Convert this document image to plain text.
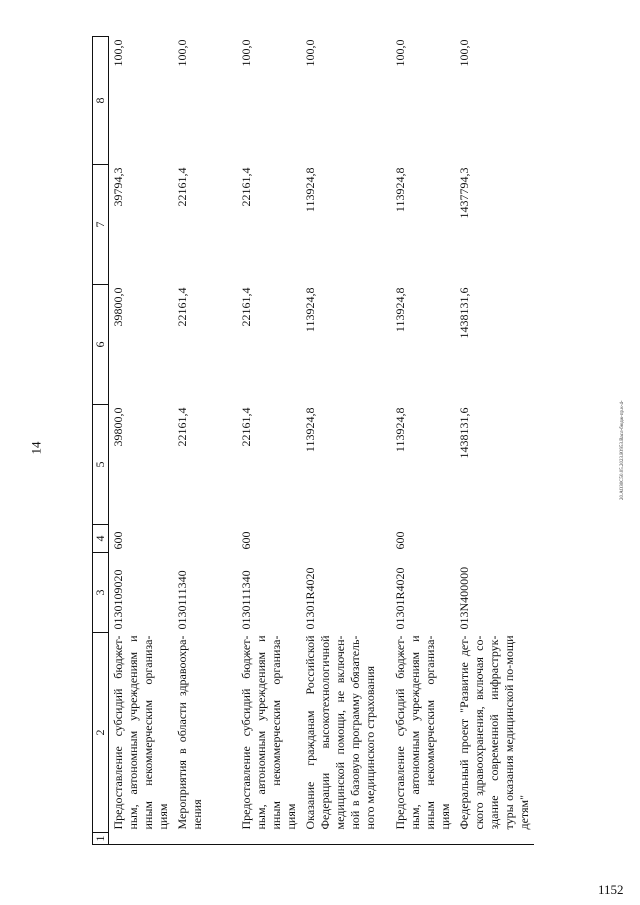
14
1	2	3	4	5	6	7	8
	Предоставление субсидий бюджет-ным, автономным учреждениям и иным некоммерческим организа-циям	0130109020	600	39800,0	39800,0	39794,3	100,0
	Мероприятия в области здравоохра-нения	0130111340		22161,4	22161,4	22161,4	100,0
	Предоставление субсидий бюджет-ным, автономным учреждениям и иным некоммерческим организа-циям	0130111340	600	22161,4	22161,4	22161,4	100,0
	Оказание гражданам Российской Федерации высокотехнологичной медицинской помощи, не включен-ной в базовую программу обязатель-ного медицинского страхования	01301R4020		113924,8	113924,8	113924,8	100,0
	Предоставление субсидий бюджет-ным, автономным учреждениям и иным некоммерческим организа-циям	01301R4020	600	113924,8	113924,8	113924,8	100,0
	Федеральный проект "Развитие дет-ского здравоохранения, включая со-здание современной инфраструк-туры оказания медицинской по-мощи детям"	013N400000		1438131,6	1438131,6	1437794,3	100,0
20.АОЗ0С50.05.2023.Ю953.Васл-бюдж-пр.к-4-
1152
